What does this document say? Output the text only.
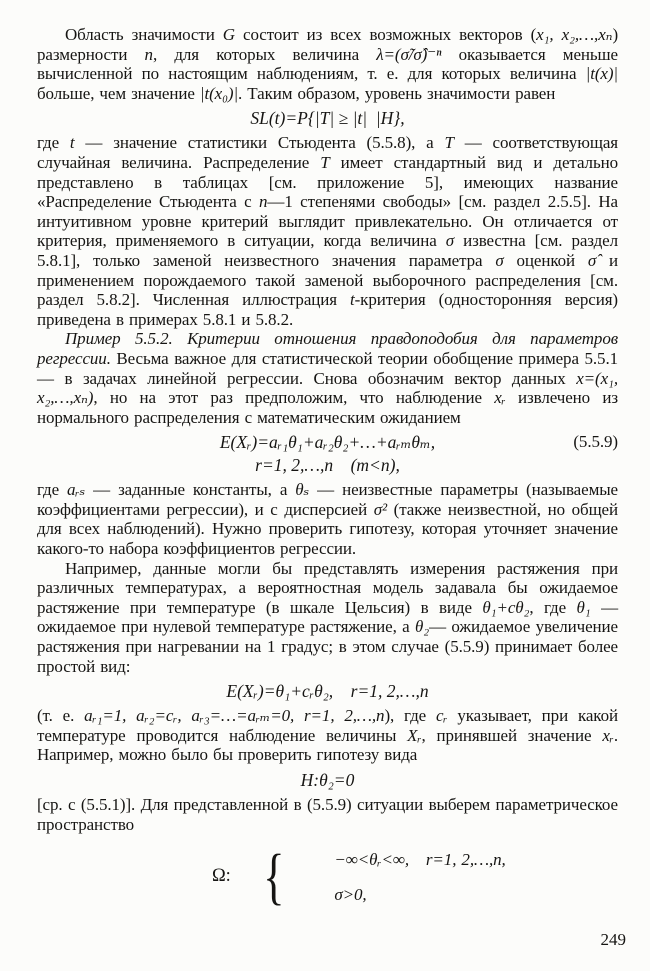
Область значимости G состоит из всех возможных векторов (x₁, x₂,…,xₙ) размерности n, для которых величина λ=(σ̃/σ̂)⁻ⁿ оказывается меньше вычисленной по настоящим наблюдениям, т. е. для которых величина |t(x)| больше, чем значение |t(x₀)|. Таким образом, уровень значимости равен

SL(t)=P{|T| ≥ |t| |H},

где t — значение статистики Стьюдента (5.5.8), а T — соответствующая случайная величина. Распределение T имеет стандартный вид и детально представлено в таблицах [см. приложение 5], имеющих название «Распределение Стьюдента с n—1 степенями свободы» [см. раздел 2.5.5]. На интуитивном уровне критерий выглядит привлекательно. Он отличается от критерия, применяемого в ситуации, когда величина σ известна [см. раздел 5.8.1], только заменой неизвестного значения параметра σ оценкой σ̂ и применением порождаемого такой заменой выборочного распределения [см. раздел 5.8.2]. Численная иллюстрация t-критерия (односторонняя версия) приведена в примерах 5.8.1 и 5.8.2.

Пример 5.5.2. Критерии отношения правдоподобия для параметров регрессии. Весьма важное для статистической теории обобщение примера 5.5.1 — в задачах линейной регрессии. Снова обозначим вектор данных x=(x₁, x₂,…,xₙ), но на этот раз предположим, что наблюдение xᵣ извлечено из нормального распределения с математическим ожиданием

E(Xᵣ)=aᵣ₁θ₁+aᵣ₂θ₂+…+aᵣₘθₘ,	(5.5.9)
r=1, 2,…,n (m<n),

где aᵣₛ — заданные константы, а θₛ — неизвестные параметры (называемые коэффициентами регрессии), и с дисперсией σ² (также неизвестной, но общей для всех наблюдений). Нужно проверить гипотезу, которая уточняет значение какого-то набора коэффициентов регрессии.

Например, данные могли бы представлять измерения растяжения при различных температурах, а вероятностная модель задавала бы ожидаемое растяжение при температуре (в шкале Цельсия) в виде θ₁+cθ₂, где θ₁ — ожидаемое при нулевой температуре растяжение, а θ₂— ожидаемое увеличение растяжения при нагревании на 1 градус; в этом случае (5.5.9) принимает более простой вид:

E(Xᵣ)=θ₁+cᵣθ₂, r=1, 2,…,n

(т. е. aᵣ₁=1, aᵣ₂=cᵣ, aᵣ₃=…=aᵣₘ=0, r=1, 2,…,n), где cᵣ указывает, при какой температуре проводится наблюдение величины Xᵣ, принявшей значение xᵣ. Например, можно было бы проверить гипотезу вида

H:θ₂=0

[ср. с (5.5.1)]. Для представленной в (5.5.9) ситуации выберем параметрическое пространство

Ω: {	−∞<θᵣ<∞, r=1, 2,…,n,
σ>0,
249
